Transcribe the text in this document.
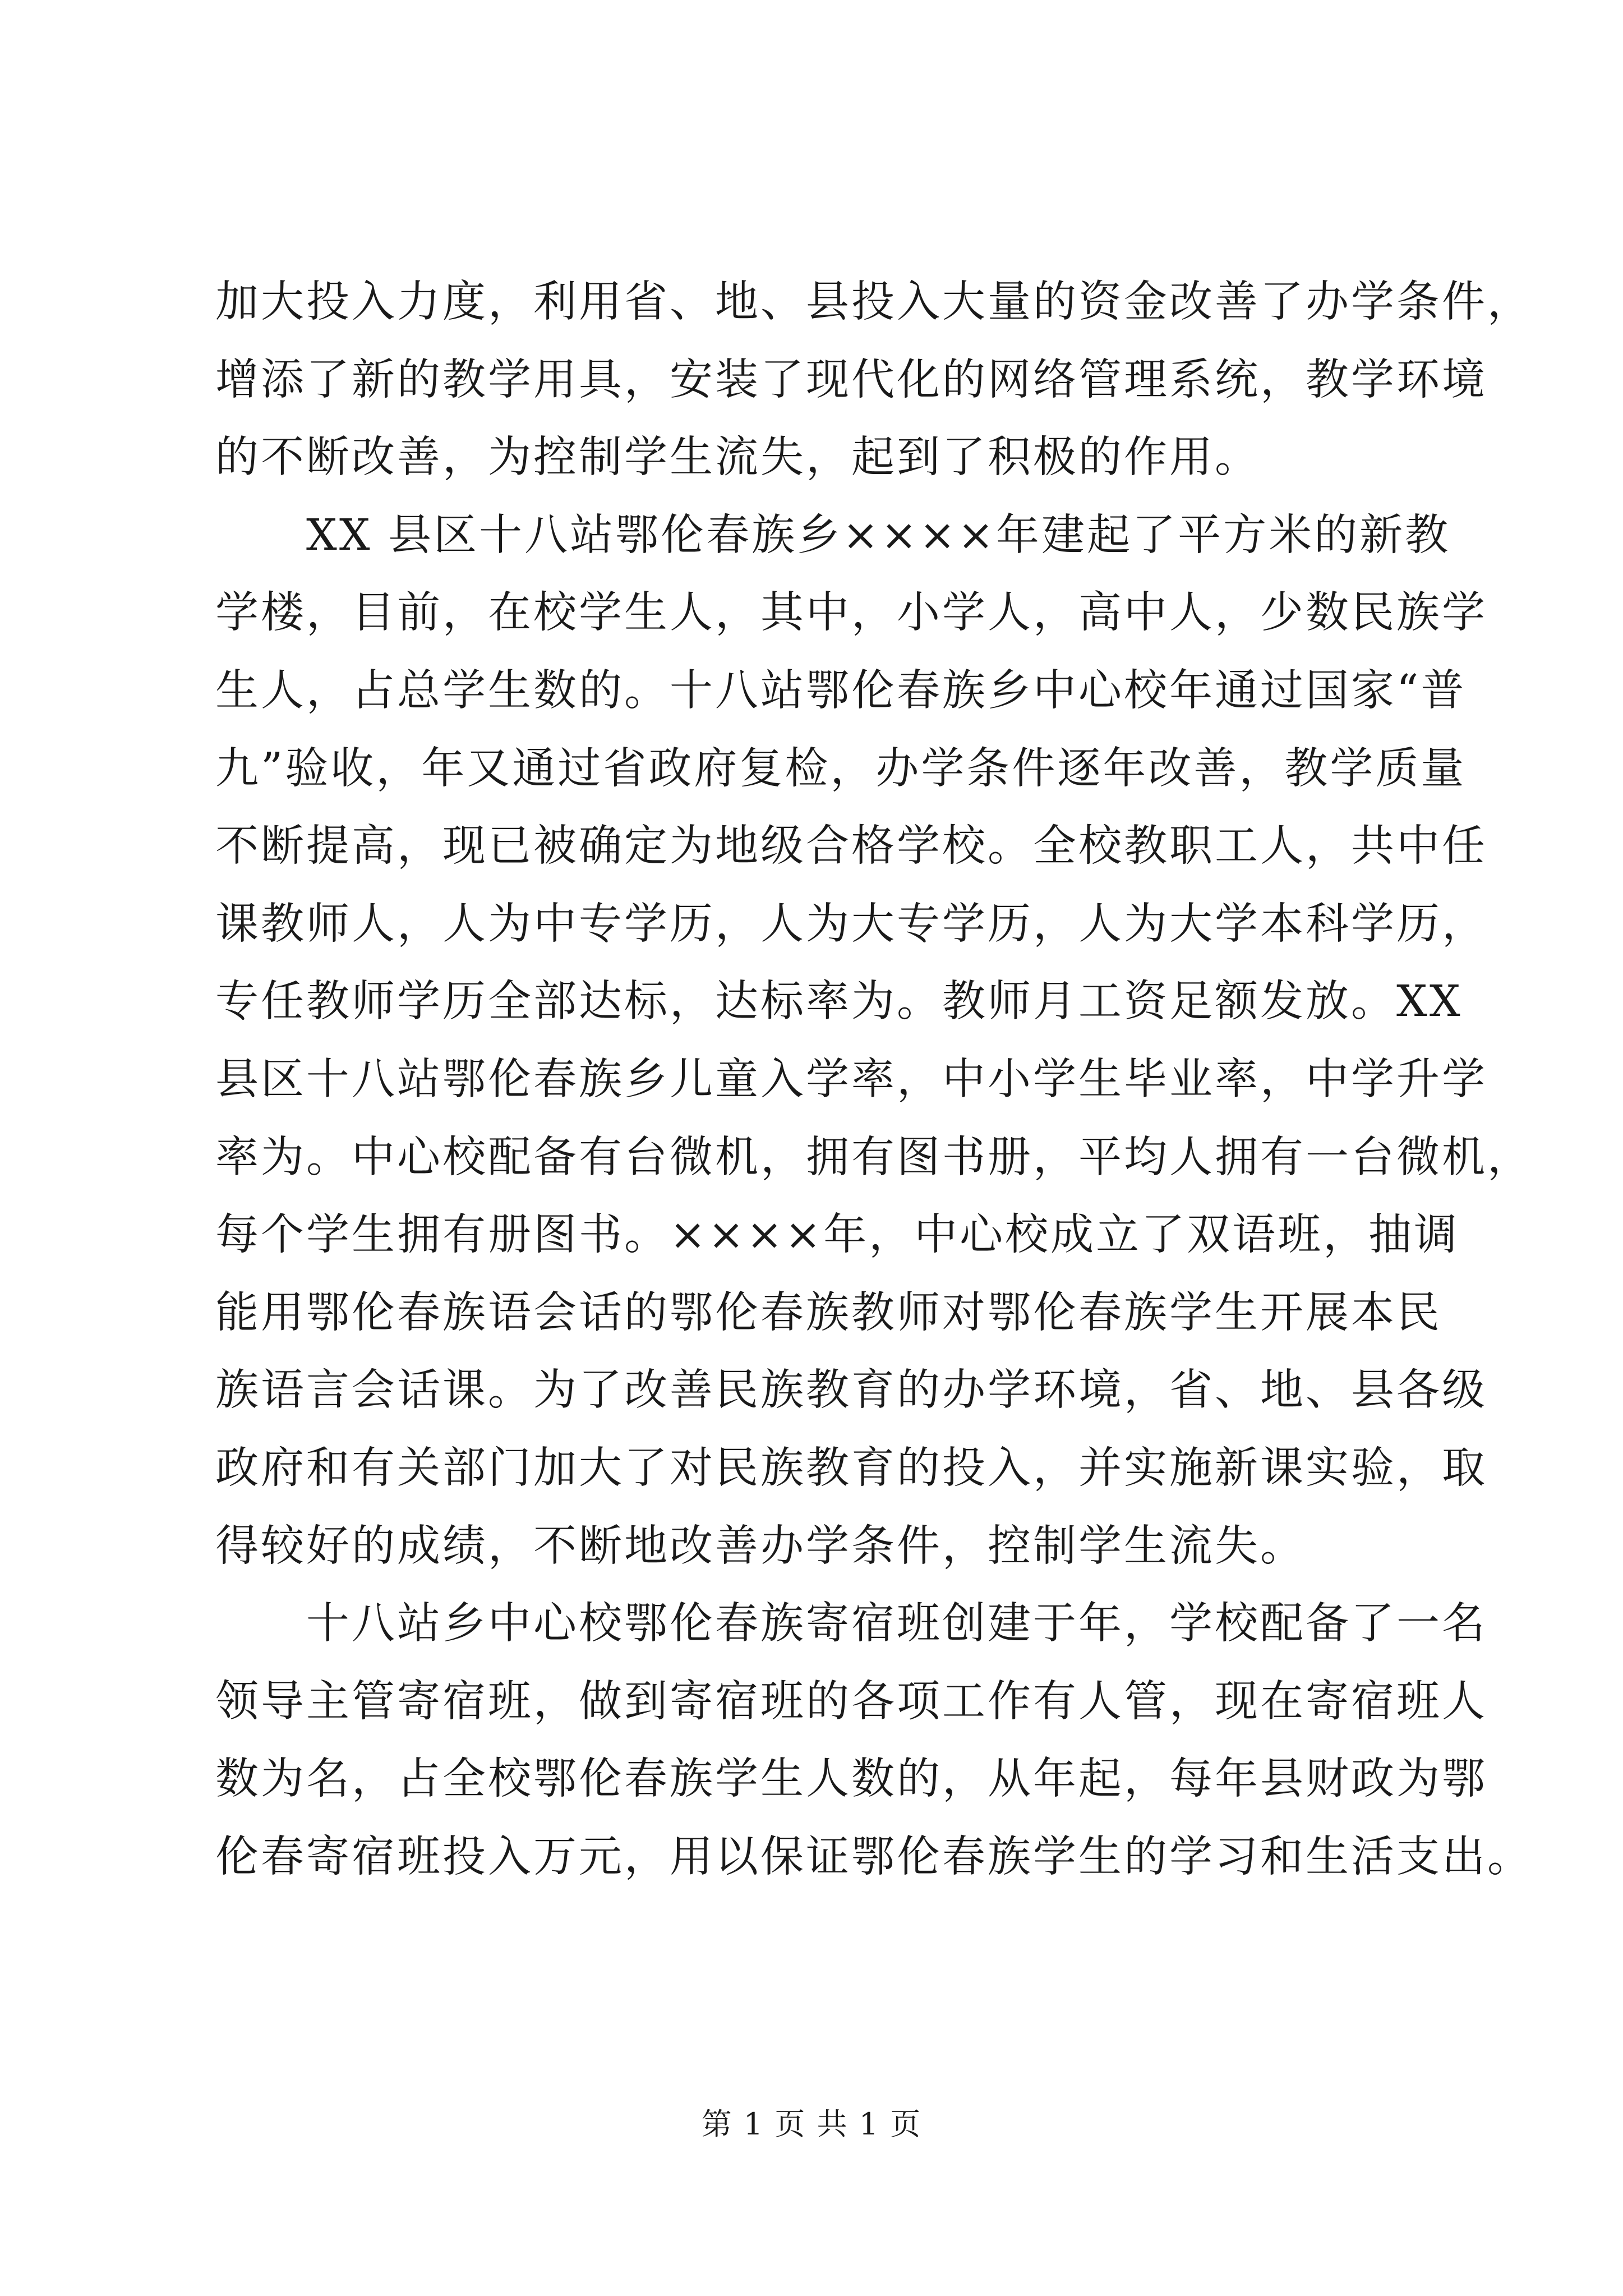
加大投入力度，利用省、地、县投入大量的资金改善了办学条件，
增添了新的教学用具，安装了现代化的网络管理系统，教学环境
的不断改善，为控制学生流失，起到了积极的作用。
　　XX 县区十八站鄂伦春族乡××××年建起了平方米的新教
学楼，目前，在校学生人，其中，小学人，高中人，少数民族学
生人，占总学生数的。十八站鄂伦春族乡中心校年通过国家“普
九”验收，年又通过省政府复检，办学条件逐年改善，教学质量
不断提高，现已被确定为地级合格学校。全校教职工人，共中任
课教师人，人为中专学历，人为大专学历，人为大学本科学历，
专任教师学历全部达标，达标率为。教师月工资足额发放。XX
县区十八站鄂伦春族乡儿童入学率，中小学生毕业率，中学升学
率为。中心校配备有台微机，拥有图书册，平均人拥有一台微机，
每个学生拥有册图书。××××年，中心校成立了双语班，抽调
能用鄂伦春族语会话的鄂伦春族教师对鄂伦春族学生开展本民
族语言会话课。为了改善民族教育的办学环境，省、地、县各级
政府和有关部门加大了对民族教育的投入，并实施新课实验，取
得较好的成绩，不断地改善办学条件，控制学生流失。
　　十八站乡中心校鄂伦春族寄宿班创建于年，学校配备了一名
领导主管寄宿班，做到寄宿班的各项工作有人管，现在寄宿班人
数为名，占全校鄂伦春族学生人数的，从年起，每年县财政为鄂
伦春寄宿班投入万元，用以保证鄂伦春族学生的学习和生活支出。
第 1 页 共 1 页
